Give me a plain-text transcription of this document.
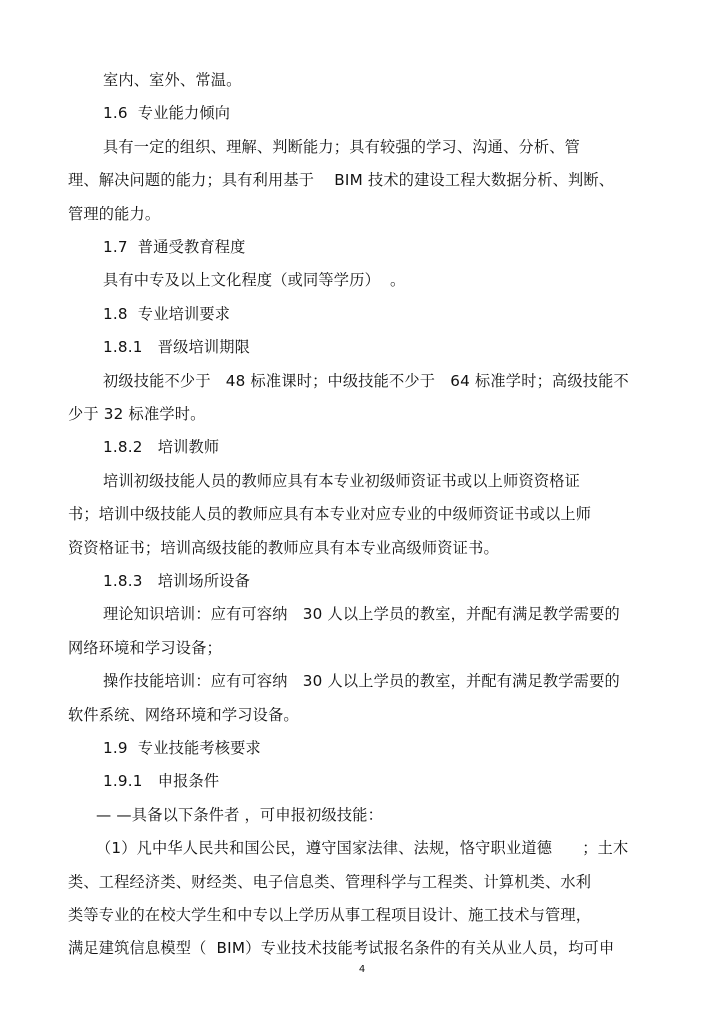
室内、室外、常温。
1.6  专业能力倾向
具有一定的组织、理解、判断能力；具有较强的学习、沟通、分析、管
理、解决问题的能力；具有利用基于    BIM 技术的建设工程大数据分析、判断、
管理的能力。
1.7  普通受教育程度
具有中专及以上文化程度（或同等学历）  。
1.8  专业培训要求
1.8.1   晋级培训期限
初级技能不少于   48 标准课时；中级技能不少于   64 标准学时；高级技能不
少于 32 标准学时。
1.8.2   培训教师
培训初级技能人员的教师应具有本专业初级师资证书或以上师资资格证
书；培训中级技能人员的教师应具有本专业对应专业的中级师资证书或以上师
资资格证书；培训高级技能的教师应具有本专业高级师资证书。
1.8.3   培训场所设备
理论知识培训：应有可容纳   30 人以上学员的教室，并配有满足教学需要的
网络环境和学习设备；
操作技能培训：应有可容纳   30 人以上学员的教室，并配有满足教学需要的
软件系统、网络环境和学习设备。
1.9  专业技能考核要求
1.9.1   申报条件
— —具备以下条件者 ，可申报初级技能：
（1）凡中华人民共和国公民，遵守国家法律、法规，恪守职业道德      ；土木
类、工程经济类、财经类、电子信息类、管理科学与工程类、计算机类、水利
类等专业的在校大学生和中专以上学历从事工程项目设计、施工技术与管理，
满足建筑信息模型（  BIM）专业技术技能考试报名条件的有关从业人员，均可申
4
